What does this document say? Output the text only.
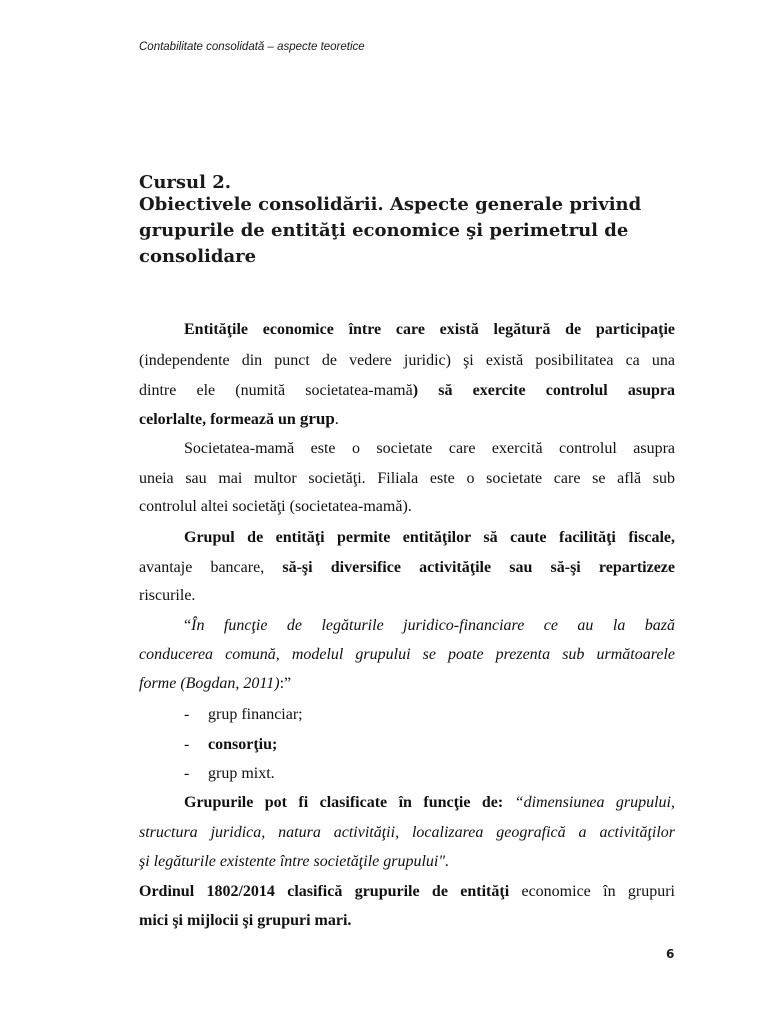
Contabilitate consolidată – aspecte teoretice
Cursul 2.
Obiectivele consolidării. Aspecte generale privind
grupurile de entităţi economice şi perimetrul de
consolidare
Entităţile economice între care există legătură de participaţie
(independente din punct de vedere juridic) şi există posibilitatea ca una
dintre ele (numită societatea-mamă) să exercite controlul asupra
celorlalte, formează un grup.
Societatea-mamă este o societate care exercită controlul asupra
uneia sau mai multor societăţi. Filiala este o societate care se află sub
controlul altei societăţi (societatea-mamă).
Grupul de entităţi permite entităţilor să caute facilităţi fiscale,
avantaje bancare, să-şi diversifice activităţile sau să-şi repartizeze
riscurile.
“În funcţie de legăturile juridico-financiare ce au la bază
conducerea comună, modelul grupului se poate prezenta sub următoarele
forme (Bogdan, 2011):”
- grup financiar;
- consorţiu;
- grup mixt.
Grupurile pot fi clasificate în funcţie de: “dimensiunea grupului,
structura juridica, natura activităţii, localizarea geografică a activităţilor
şi legăturile existente între societăţile grupului".
Ordinul 1802/2014 clasifică grupurile de entităţi economice în grupuri
mici şi mijlocii şi grupuri mari.
6
